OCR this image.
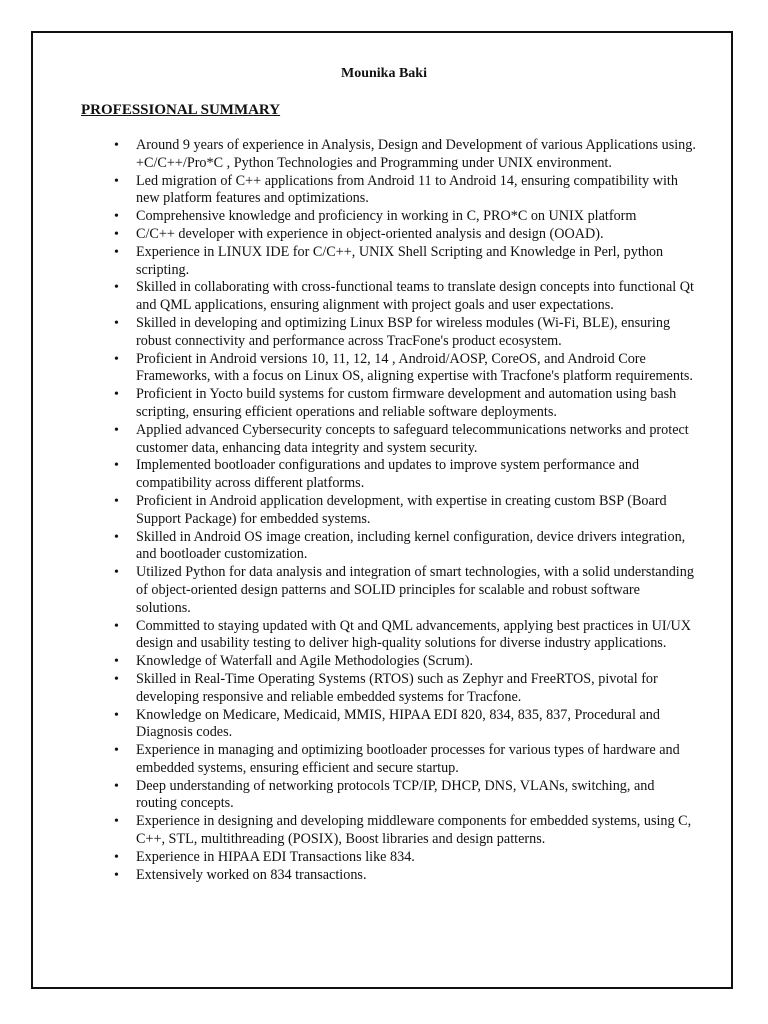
Mounika Baki
PROFESSIONAL SUMMARY
• Around 9 years of experience in Analysis, Design and Development of various Applications using. +C/C++/Pro*C , Python Technologies and Programming under UNIX environment.
• Led migration of C++ applications from Android 11 to Android 14, ensuring compatibility with new platform features and optimizations.
• Comprehensive knowledge and proficiency in working in C, PRO*C on UNIX platform
• C/C++ developer with experience in object-oriented analysis and design (OOAD).
• Experience in LINUX IDE for C/C++, UNIX Shell Scripting and Knowledge in Perl, python scripting.
• Skilled in collaborating with cross-functional teams to translate design concepts into functional Qt and QML applications, ensuring alignment with project goals and user expectations.
• Skilled in developing and optimizing Linux BSP for wireless modules (Wi-Fi, BLE), ensuring robust connectivity and performance across TracFone's product ecosystem.
• Proficient in Android versions 10, 11, 12, 14 , Android/AOSP, CoreOS, and Android Core Frameworks, with a focus on Linux OS, aligning expertise with Tracfone's platform requirements.
• Proficient in Yocto build systems for custom firmware development and automation using bash scripting, ensuring efficient operations and reliable software deployments.
• Applied advanced Cybersecurity concepts to safeguard telecommunications networks and protect customer data, enhancing data integrity and system security.
• Implemented bootloader configurations and updates to improve system performance and compatibility across different platforms.
• Proficient in Android application development, with expertise in creating custom BSP (Board Support Package) for embedded systems.
• Skilled in Android OS image creation, including kernel configuration, device drivers integration, and bootloader customization.
• Utilized Python for data analysis and integration of smart technologies, with a solid understanding of object-oriented design patterns and SOLID principles for scalable and robust software solutions.
• Committed to staying updated with Qt and QML advancements, applying best practices in UI/UX design and usability testing to deliver high-quality solutions for diverse industry applications.
• Knowledge of Waterfall and Agile Methodologies (Scrum).
• Skilled in Real-Time Operating Systems (RTOS) such as Zephyr and FreeRTOS, pivotal for developing responsive and reliable embedded systems for Tracfone.
• Knowledge on Medicare, Medicaid, MMIS, HIPAA EDI 820, 834, 835, 837, Procedural and Diagnosis codes.
• Experience in managing and optimizing bootloader processes for various types of hardware and embedded systems, ensuring efficient and secure startup.
• Deep understanding of networking protocols TCP/IP, DHCP, DNS, VLANs, switching, and routing concepts.
• Experience in designing and developing middleware components for embedded systems, using C, C++, STL, multithreading (POSIX), Boost libraries and design patterns.
• Experience in HIPAA EDI Transactions like 834.
• Extensively worked on 834 transactions.
